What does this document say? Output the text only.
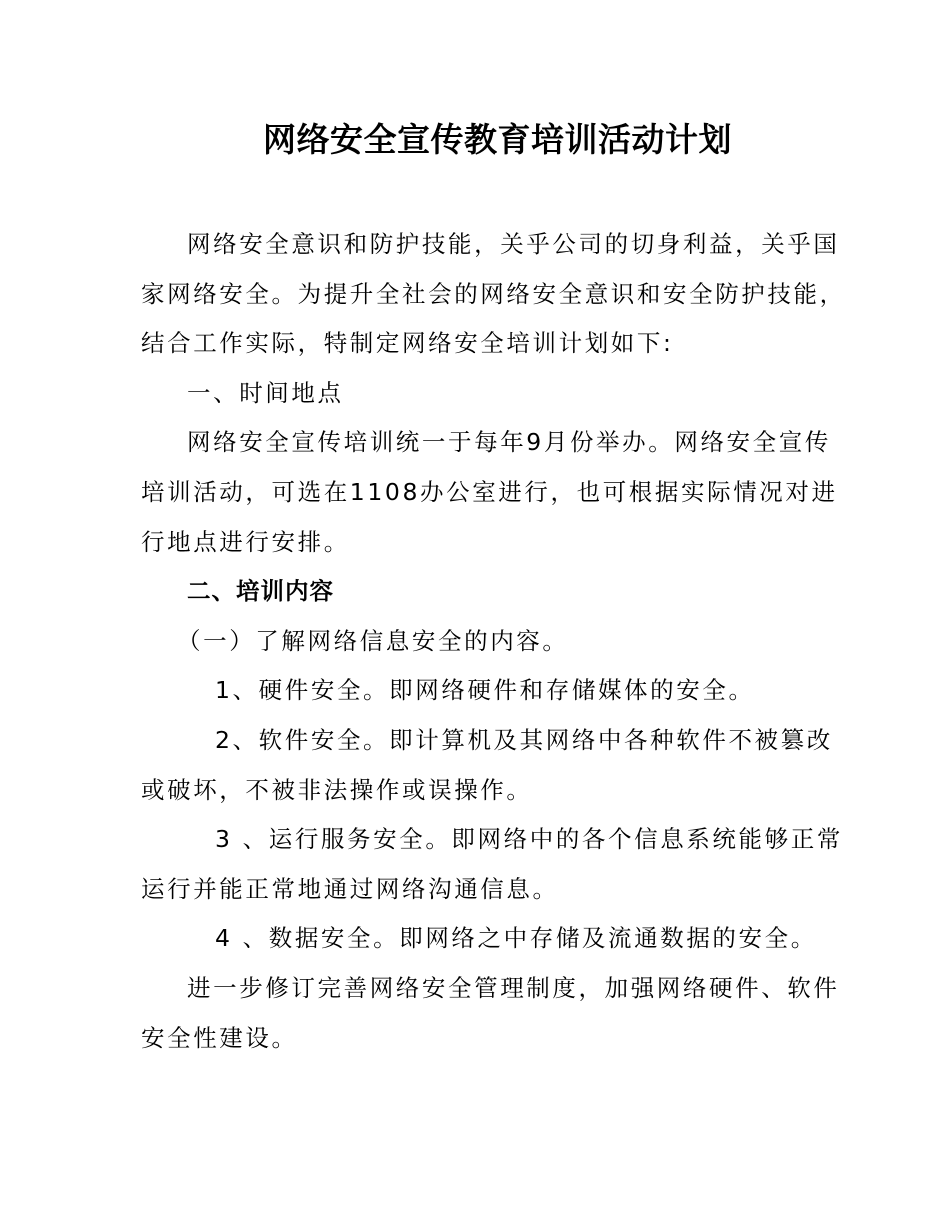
网络安全宣传教育培训活动计划

网络安全意识和防护技能，关乎公司的切身利益，关乎国

家网络安全。为提升全社会的网络安全意识和安全防护技能，

结合工作实际，特制定网络安全培训计划如下:

一、时间地点

网络安全宣传培训统一于每年9月份举办。网络安全宣传

培训活动，可选在1108办公室进行，也可根据实际情况对进

行地点进行安排。

二、培训内容

（一）了解网络信息安全的内容。

1、硬件安全。即网络硬件和存储媒体的安全。

2、软件安全。即计算机及其网络中各种软件不被篡改

或破坏，不被非法操作或误操作。

3 、运行服务安全。即网络中的各个信息系统能够正常

运行并能正常地通过网络沟通信息。

4 、数据安全。即网络之中存储及流通数据的安全。

进一步修订完善网络安全管理制度，加强网络硬件、软件

安全性建设。
